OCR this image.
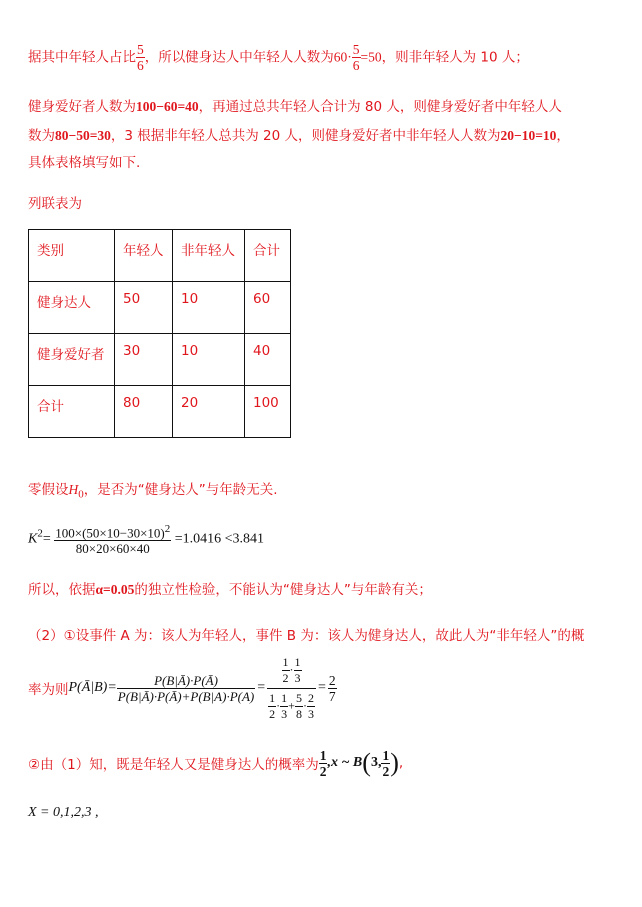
据其中年轻人占比 $\frac{5}{6}$ ，所以健身达人中年轻人人数为$60\cdot \frac{5}{6} =50$，则非年轻人为 10 人；
健身爱好者人数为100−60=40，再通过总共年轻人合计为 80 人，则健身爱好者中年轻人人
数为80−50=30，3 根据非年轻人总共为 20 人，则健身爱好者中非年轻人人数为20−10=10，
具体表格填写如下.
列联表为
类别	年轻人	非年轻人	合计
健身达人	50	10	60
健身爱好者	30	10	40
合计	80	20	100
零假设$H_0$，是否为“健身达人”与年龄无关.
$K^2= \frac{100\times(50\times 10-30\times 10)^2}{80\times 20\times 60\times 40} =1.0416 <3.841$
所以，依据α=0.05的独立性检验，不能认为“健身达人”与年龄有关；
（2）①设事件 A 为：该人为年轻人，事件 B 为：该人为健身达人，故此人为“非年轻人”的概
率为则 P(Ā|B)= $\frac{P(B|Ā)\cdot P(Ā)}{P(B|Ā)\cdot P(Ā)+P(B|A)\cdot P(A)} = \frac{\frac{1}{2} \cdot \frac{1}{3}}{\frac{1}{2} \cdot \frac{1}{3} + \frac{5}{8} \cdot \frac{2}{3}} = \frac{2}{7}$
②由（1）知，既是年轻人又是健身达人的概率为 $\frac{1}{2} ,x$ ~ B ( 3, $\frac{1}{2}$ ) ,
X = 0,1,2,3 ,
